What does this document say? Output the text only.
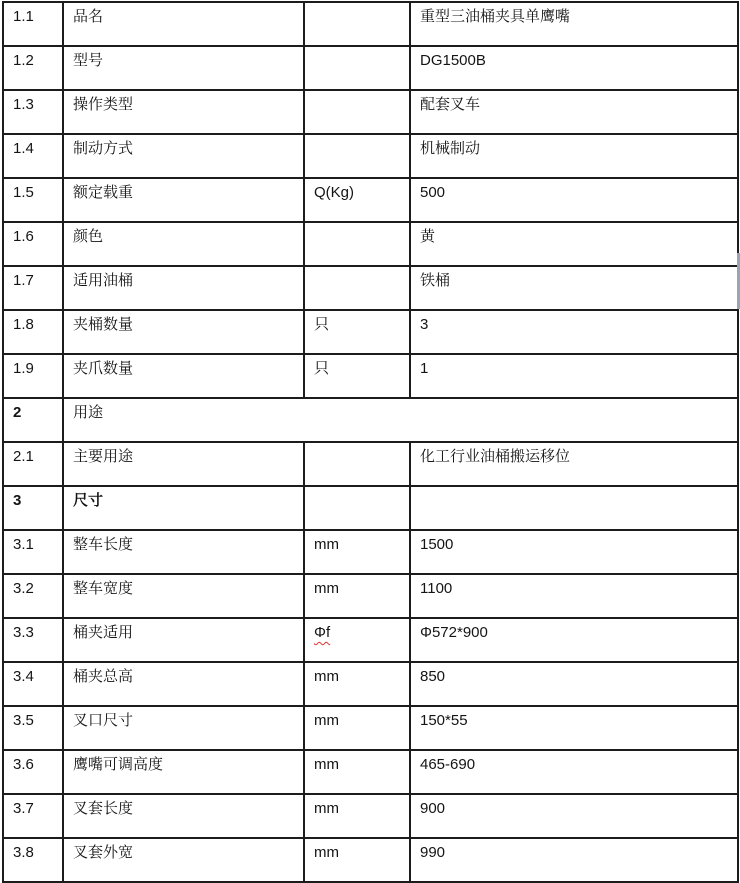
1.1	品名		重型三油桶夹具单鹰嘴
1.2	型号		DG1500B
1.3	操作类型		配套叉车
1.4	制动方式		机械制动
1.5	额定载重	Q(Kg)	500
1.6	颜色		黄
1.7	适用油桶		铁桶
1.8	夹桶数量	只	3
1.9	夹爪数量	只	1
2	用途		
2.1	主要用途		化工行业油桶搬运移位
3	尺寸		
3.1	整车长度	mm	1500
3.2	整车宽度	mm	1100
3.3	桶夹适用	Φf	Φ572*900
3.4	桶夹总高	mm	850
3.5	叉口尺寸	mm	150*55
3.6	鹰嘴可调高度	mm	465-690
3.7	叉套长度	mm	900
3.8	叉套外宽	mm	990
